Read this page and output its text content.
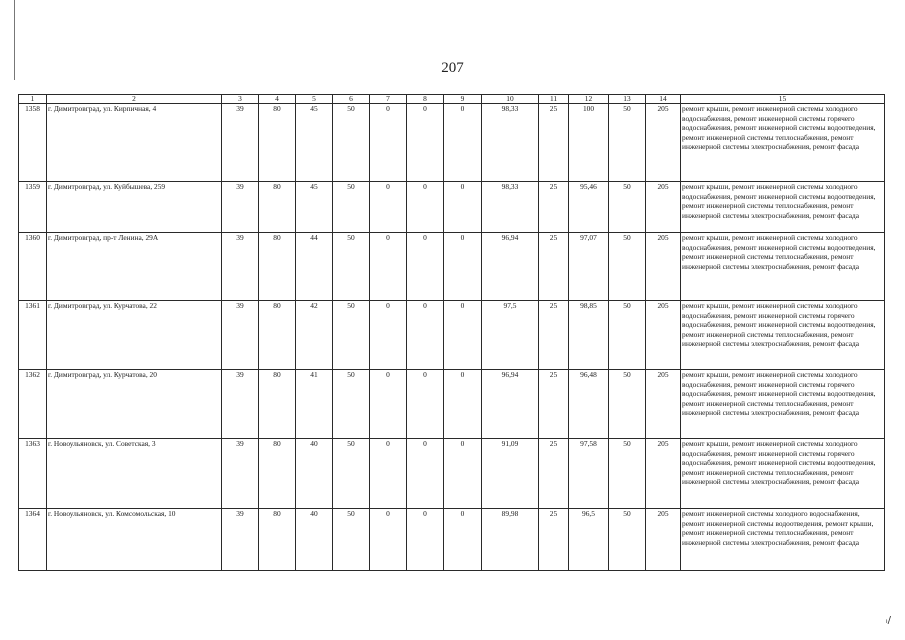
207
1	2	3	4	5	6	7	8	9	10	11	12	13	14	15
1358	г. Димитровград, ул. Кирпичная, 4	39	80	45	50	0	0	0	98,33	25	100	50	205	ремонт крыши, ремонт инженерной системы холодного водоснабжения, ремонт инженерной системы горячего водоснабжения, ремонт инженерной системы водоотведения, ремонт инженерной системы теплоснабжения, ремонт инженерной системы электроснабжения, ремонт фасада
1359	г. Димитровград, ул. Куйбышева, 259	39	80	45	50	0	0	0	98,33	25	95,46	50	205	ремонт крыши, ремонт инженерной системы холодного водоснабжения, ремонт инженерной системы водоотведения, ремонт инженерной системы теплоснабжения, ремонт инженерной системы электроснабжения, ремонт фасада
1360	г. Димитровград, пр-т Ленина, 29А	39	80	44	50	0	0	0	96,94	25	97,07	50	205	ремонт крыши, ремонт инженерной системы холодного водоснабжения, ремонт инженерной системы водоотведения, ремонт инженерной системы теплоснабжения, ремонт инженерной системы электроснабжения, ремонт фасада
1361	г. Димитровград, ул. Курчатова, 22	39	80	42	50	0	0	0	97,5	25	98,85	50	205	ремонт крыши, ремонт инженерной системы холодного водоснабжения, ремонт инженерной системы горячего водоснабжения, ремонт инженерной системы водоотведения, ремонт инженерной системы теплоснабжения, ремонт инженерной системы электроснабжения, ремонт фасада
1362	г. Димитровград, ул. Курчатова, 20	39	80	41	50	0	0	0	96,94	25	96,48	50	205	ремонт крыши, ремонт инженерной системы холодного водоснабжения, ремонт инженерной системы горячего водоснабжения, ремонт инженерной системы водоотведения, ремонт инженерной системы теплоснабжения, ремонт инженерной системы электроснабжения, ремонт фасада
1363	г. Новоульяновск, ул. Советская, 3	39	80	40	50	0	0	0	91,09	25	97,58	50	205	ремонт крыши, ремонт инженерной системы холодного водоснабжения, ремонт инженерной системы горячего водоснабжения, ремонт инженерной системы водоотведения, ремонт инженерной системы теплоснабжения, ремонт инженерной системы электроснабжения, ремонт фасада
1364	г. Новоульяновск, ул. Комсомольская, 10	39	80	40	50	0	0	0	89,98	25	96,5	50	205	ремонт инженерной системы холодного водоснабжения, ремонт инженерной системы водоотведения, ремонт крыши, ремонт инженерной системы теплоснабжения, ремонт инженерной системы электроснабжения, ремонт фасада
ᵢ/
